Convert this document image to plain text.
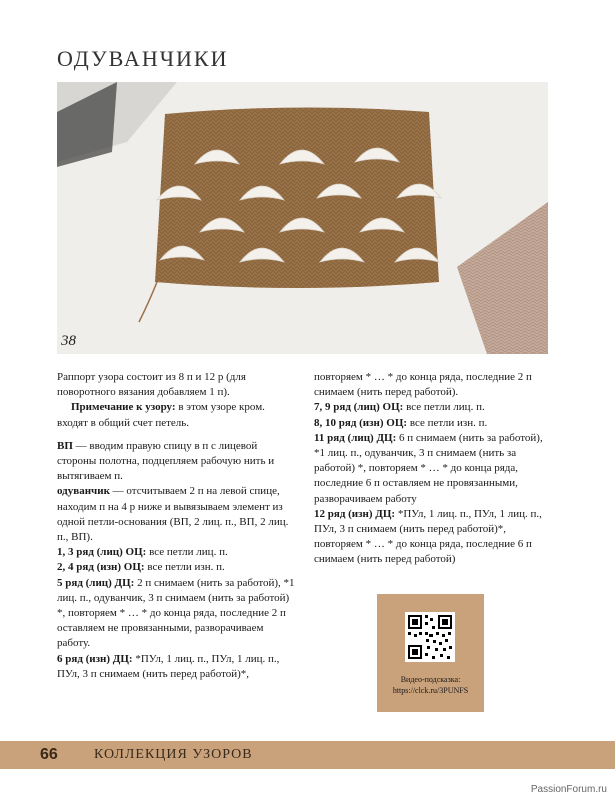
ОДУВАНЧИКИ
38

Раппорт узора состоит из 8 п и 12 р (для поворотного вязания добавляем 1 п).

Примечание к узору: в этом узоре кром. входят в общий счет петель.

ВП — вводим правую спицу в п с лицевой стороны полотна, подцепляем рабочую нить и вытягиваем п.

одуванчик — отсчитываем 2 п на левой спице, находим п на 4 р ниже и вывязываем элемент из одной петли-основания (ВП, 2 лиц. п., ВП, 2 лиц. п., ВП).

1, 3 ряд (лиц) ОЦ: все петли лиц. п.

2, 4 ряд (изн) ОЦ: все петли изн. п.

5 ряд (лиц) ДЦ: 2 п снимаем (нить за работой), *1 лиц. п., одуванчик, 3 п снимаем (нить за работой) *, повторяем * … * до конца ряда, последние 2 п оставляем не провязанными, разворачиваем работу.

6 ряд (изн) ДЦ: *ПУл, 1 лиц. п., ПУл, 1 лиц. п., ПУл, 3 п снимаем (нить перед работой)*,

повторяем * … * до конца ряда, последние 2 п снимаем (нить перед работой).

7, 9 ряд (лиц) ОЦ: все петли лиц. п.

8, 10 ряд (изн) ОЦ: все петли изн. п.

11 ряд (лиц) ДЦ: 6 п снимаем (нить за работой), *1 лиц. п., одуванчик, 3 п снимаем (нить за работой) *, повторяем * … * до конца ряда, последние 6 п оставляем не провязанными, разворачиваем работу

12 ряд (изн) ДЦ: *ПУл, 1 лиц. п., ПУл, 1 лиц. п., ПУл, 3 п снимаем (нить перед работой)*, повторяем * … * до конца ряда, последние 6 п снимаем (нить перед работой)

Видео-подсказка:
https://clck.ru/3PUNFS
66	КОЛЛЕКЦИЯ УЗОРОВ
PassionForum.ru
